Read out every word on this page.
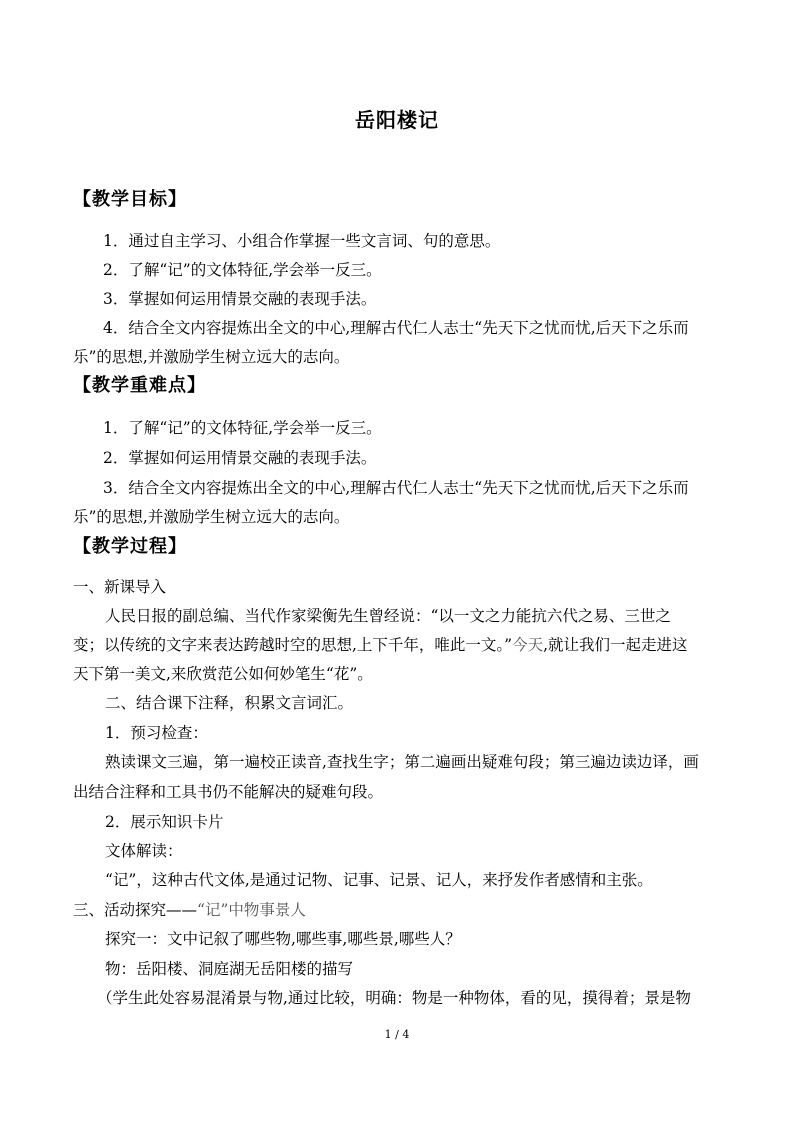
岳阳楼记
【教学目标】
1．通过自主学习、小组合作掌握一些文言词、句的意思。
2．了解“记”的文体特征,学会举一反三。
3．掌握如何运用情景交融的表现手法。
4．结合全文内容提炼出全文的中心,理解古代仁人志士“先天下之忧而忧,后天下之乐而
乐”的思想,并激励学生树立远大的志向。
【教学重难点】
1．了解“记”的文体特征,学会举一反三。
2．掌握如何运用情景交融的表现手法。
3．结合全文内容提炼出全文的中心,理解古代仁人志士“先天下之忧而忧,后天下之乐而
乐”的思想,并激励学生树立远大的志向。
【教学过程】
一、新课导入
人民日报的副总编、当代作家梁衡先生曾经说：“以一文之力能抗六代之易、三世之
变；以传统的文字来表达跨越时空的思想,上下千年，唯此一文。”今天,就让我们一起走进这
天下第一美文,来欣赏范公如何妙笔生“花”。
二、结合课下注释，积累文言词汇。
1．预习检查：
熟读课文三遍，第一遍校正读音,查找生字；第二遍画出疑难句段；第三遍边读边译，画
出结合注释和工具书仍不能解决的疑难句段。
2．展示知识卡片
文体解读：
“记”，这种古代文体,是通过记物、记事、记景、记人，来抒发作者感情和主张。
三、活动探究——“记”中物事景人
探究一：文中记叙了哪些物,哪些事,哪些景,哪些人？
物：岳阳楼、洞庭湖无岳阳楼的描写
（学生此处容易混淆景与物,通过比较，明确：物是一种物体，看的见，摸得着；景是物
1 / 4
